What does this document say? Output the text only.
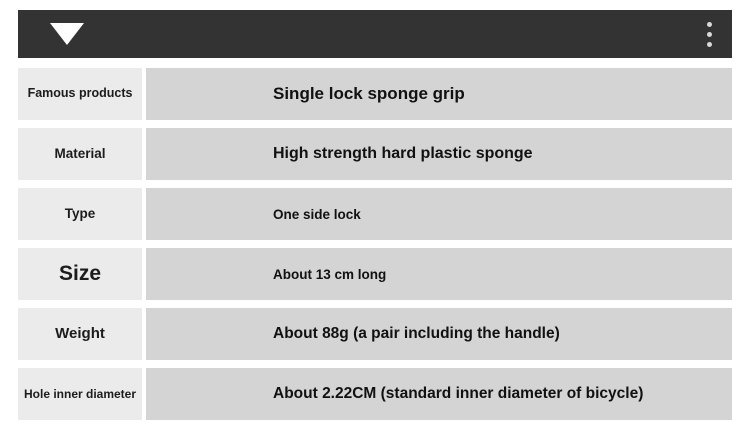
Famous products	Single lock sponge grip
Material	High strength hard plastic sponge
Type	One side lock
Size	About 13 cm long
Weight	About 88g (a pair including the handle)
Hole inner diameter	About 2.22CM (standard inner diameter of bicycle)
